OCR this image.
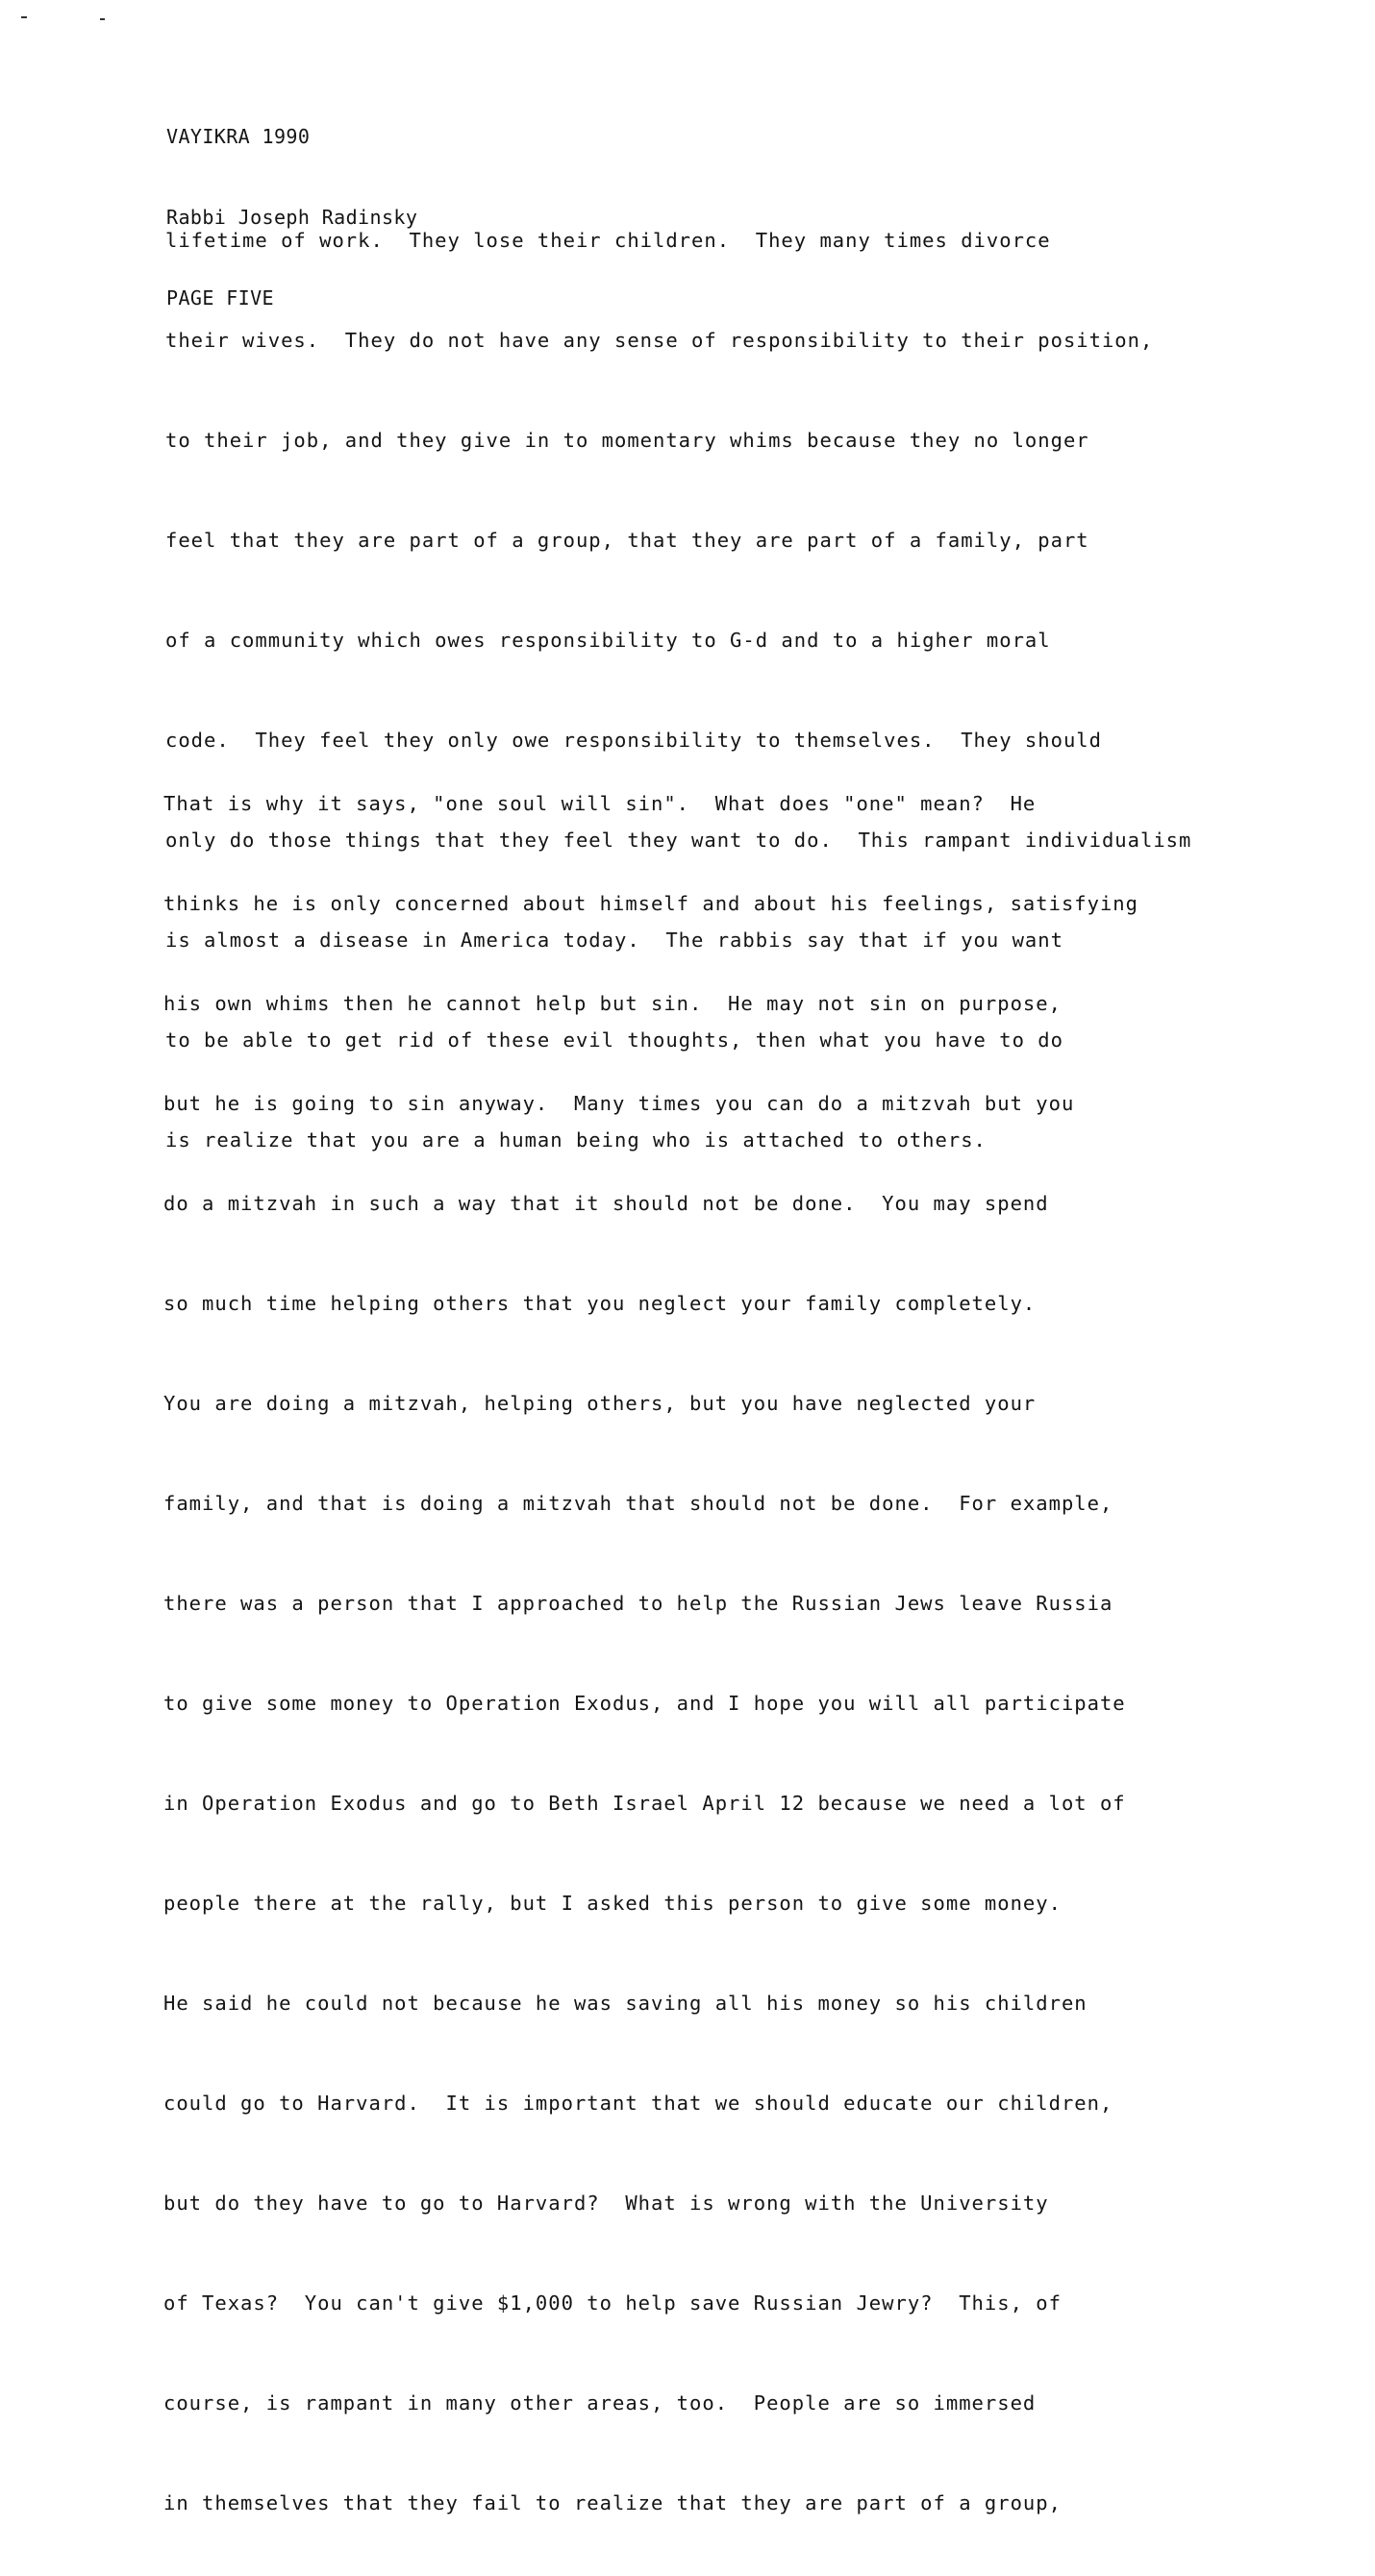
VAYIKRA 1990

Rabbi Joseph Radinsky

PAGE FIVE

lifetime of work.  They lose their children.  They many times divorce

their wives.  They do not have any sense of responsibility to their position,

to their job, and they give in to momentary whims because they no longer

feel that they are part of a group, that they are part of a family, part

of a community which owes responsibility to G-d and to a higher moral

code.  They feel they only owe responsibility to themselves.  They should

only do those things that they feel they want to do.  This rampant individualism

is almost a disease in America today.  The rabbis say that if you want

to be able to get rid of these evil thoughts, then what you have to do

is realize that you are a human being who is attached to others.

That is why it says, "one soul will sin".  What does "one" mean?  He

thinks he is only concerned about himself and about his feelings, satisfying

his own whims then he cannot help but sin.  He may not sin on purpose,

but he is going to sin anyway.  Many times you can do a mitzvah but you

do a mitzvah in such a way that it should not be done.  You may spend

so much time helping others that you neglect your family completely.

You are doing a mitzvah, helping others, but you have neglected your

family, and that is doing a mitzvah that should not be done.  For example,

there was a person that I approached to help the Russian Jews leave Russia

to give some money to Operation Exodus, and I hope you will all participate

in Operation Exodus and go to Beth Israel April 12 because we need a lot of

people there at the rally, but I asked this person to give some money.

He said he could not because he was saving all his money so his children

could go to Harvard.  It is important that we should educate our children,

but do they have to go to Harvard?  What is wrong with the University

of Texas?  You can't give $1,000 to help save Russian Jewry?  This, of

course, is rampant in many other areas, too.  People are so immersed

in themselves that they fail to realize that they are part of a group,
